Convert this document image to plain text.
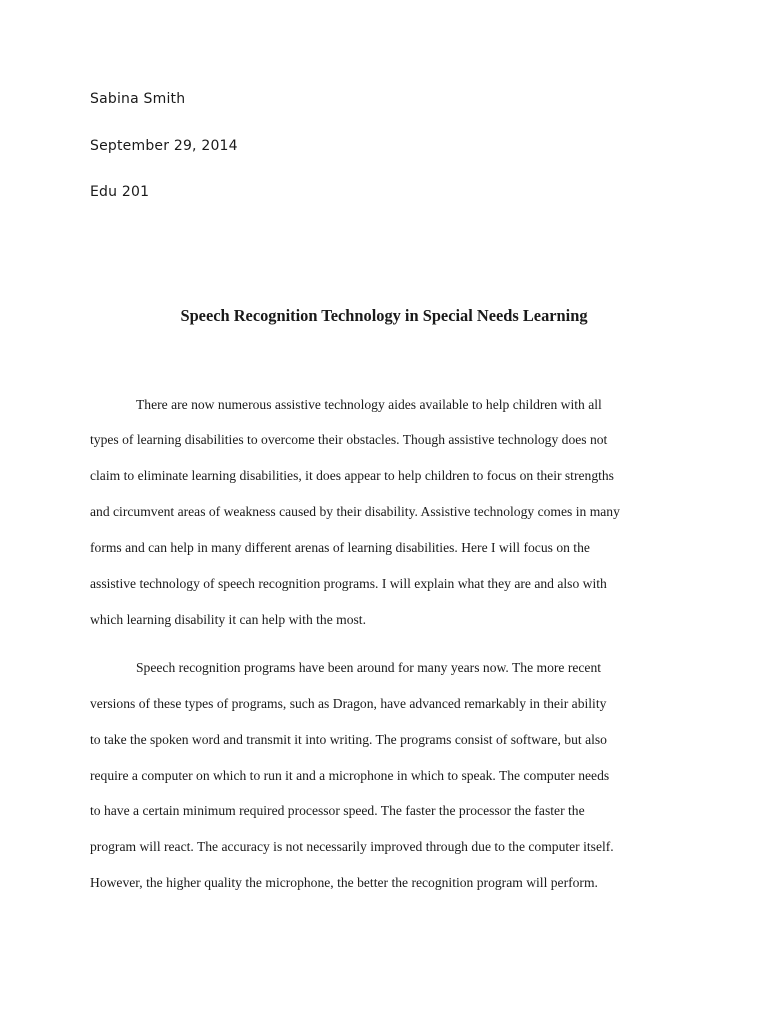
Sabina Smith
September 29, 2014
Edu 201
Speech Recognition Technology in Special Needs Learning
There are now numerous assistive technology aides available to help children with all
types of learning disabilities to overcome their obstacles. Though assistive technology does not
claim to eliminate learning disabilities, it does appear to help children to focus on their strengths
and circumvent areas of weakness caused by their disability. Assistive technology comes in many
forms and can help in many different arenas of learning disabilities. Here I will focus on the
assistive technology of speech recognition programs. I will explain what they are and also with
which learning disability it can help with the most.
Speech recognition programs have been around for many years now. The more recent
versions of these types of programs, such as Dragon, have advanced remarkably in their ability
to take the spoken word and transmit it into writing. The programs consist of software, but also
require a computer on which to run it and a microphone in which to speak. The computer needs
to have a certain minimum required processor speed. The faster the processor the faster the
program will react. The accuracy is not necessarily improved through due to the computer itself.
However, the higher quality the microphone, the better the recognition program will perform.
